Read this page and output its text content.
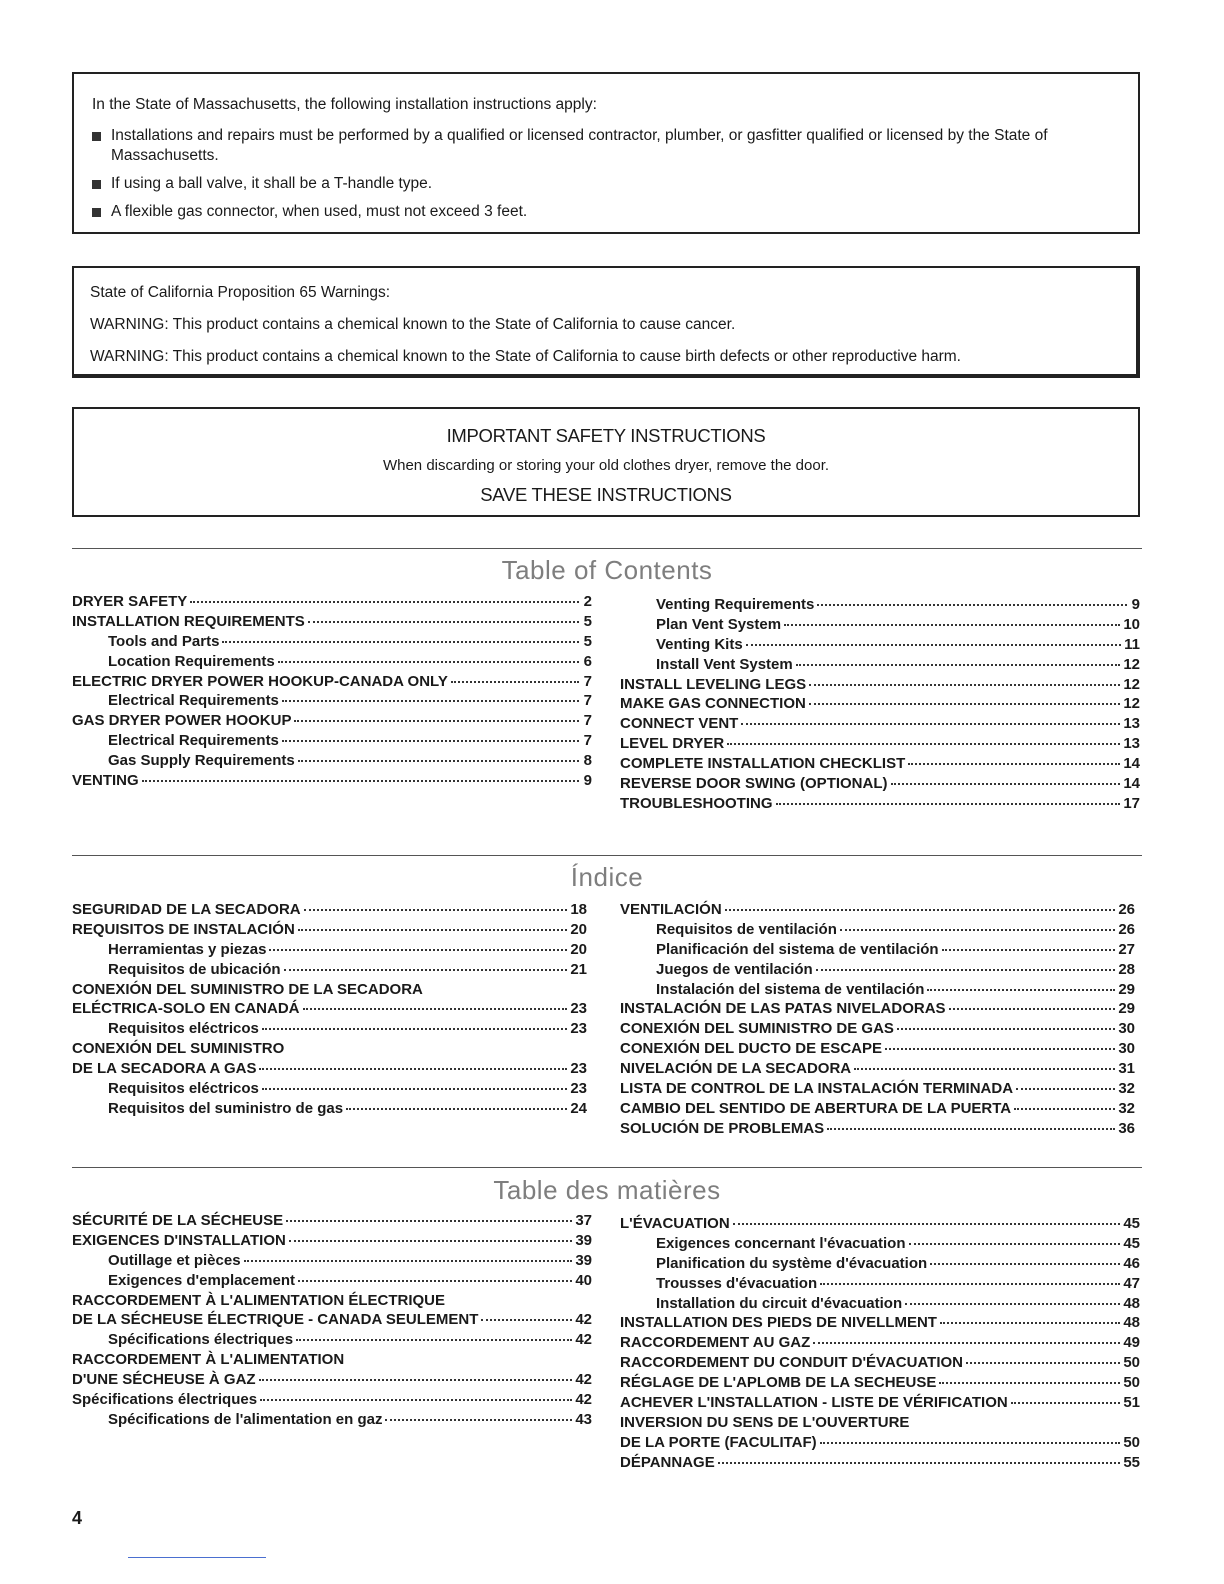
In the State of Massachusetts, the following installation instructions apply:

Installations and repairs must be performed by a qualified or licensed contractor, plumber, or gasfitter qualified or licensed by the State of Massachusetts.
If using a ball valve, it shall be a T-handle type.
A flexible gas connector, when used, must not exceed 3 feet.

State of California Proposition 65 Warnings:

WARNING: This product contains a chemical known to the State of California to cause cancer.

WARNING: This product contains a chemical known to the State of California to cause birth defects or other reproductive harm.

IMPORTANT SAFETY INSTRUCTIONS
When discarding or storing your old clothes dryer, remove the door.
SAVE THESE INSTRUCTIONS
Table of Contents
DRYER SAFETY	2
INSTALLATION REQUIREMENTS	5
Tools and Parts	5
Location Requirements	6
ELECTRIC DRYER POWER HOOKUP-CANADA ONLY	7
Electrical Requirements	7
GAS DRYER POWER HOOKUP	7
Electrical Requirements	7
Gas Supply Requirements	8
VENTING	9
Venting Requirements	9
Plan Vent System	10
Venting Kits	11
Install Vent System	12
INSTALL LEVELING LEGS	12
MAKE GAS CONNECTION	12
CONNECT VENT	13
LEVEL DRYER	13
COMPLETE INSTALLATION CHECKLIST	14
REVERSE DOOR SWING (OPTIONAL)	14
TROUBLESHOOTING	17
Índice
SEGURIDAD DE LA SECADORA	18
REQUISITOS DE INSTALACIÓN	20
Herramientas y piezas	20
Requisitos de ubicación	21
CONEXIÓN DEL SUMINISTRO DE LA SECADORA
ELÉCTRICA-SOLO EN CANADÁ	23
Requisitos eléctricos	23
CONEXIÓN DEL SUMINISTRO
DE LA SECADORA A GAS	23
Requisitos eléctricos	23
Requisitos del suministro de gas	24
VENTILACIÓN	26
Requisitos de ventilación	26
Planificación del sistema de ventilación	27
Juegos de ventilación	28
Instalación del sistema de ventilación	29
INSTALACIÓN DE LAS PATAS NIVELADORAS	29
CONEXIÓN DEL SUMINISTRO DE GAS	30
CONEXIÓN DEL DUCTO DE ESCAPE	30
NIVELACIÓN DE LA SECADORA	31
LISTA DE CONTROL DE LA INSTALACIÓN TERMINADA	32
CAMBIO DEL SENTIDO DE ABERTURA DE LA PUERTA	32
SOLUCIÓN DE PROBLEMAS	36
Table des matières
SÉCURITÉ DE LA SÉCHEUSE	37
EXIGENCES D'INSTALLATION	39
Outillage et pièces	39
Exigences d'emplacement	40
RACCORDEMENT À L'ALIMENTATION ÉLECTRIQUE
DE LA SÉCHEUSE ÉLECTRIQUE - CANADA SEULEMENT	42
Spécifications électriques	42
RACCORDEMENT À L'ALIMENTATION
D'UNE SÉCHEUSE À GAZ	42
Spécifications électriques	42
Spécifications de l'alimentation en gaz	43
L'ÉVACUATION	45
Exigences concernant l'évacuation	45
Planification du système d'évacuation	46
Trousses d'évacuation	47
Installation du circuit d'évacuation	48
INSTALLATION DES PIEDS DE NIVELLMENT	48
RACCORDEMENT AU GAZ	49
RACCORDEMENT DU CONDUIT D'ÉVACUATION	50
RÉGLAGE DE L'APLOMB DE LA SECHEUSE	50
ACHEVER L'INSTALLATION - LISTE DE VÉRIFICATION	51
INVERSION DU SENS DE L'OUVERTURE
DE LA PORTE (FACULITAF)	50
DÉPANNAGE	55
4
